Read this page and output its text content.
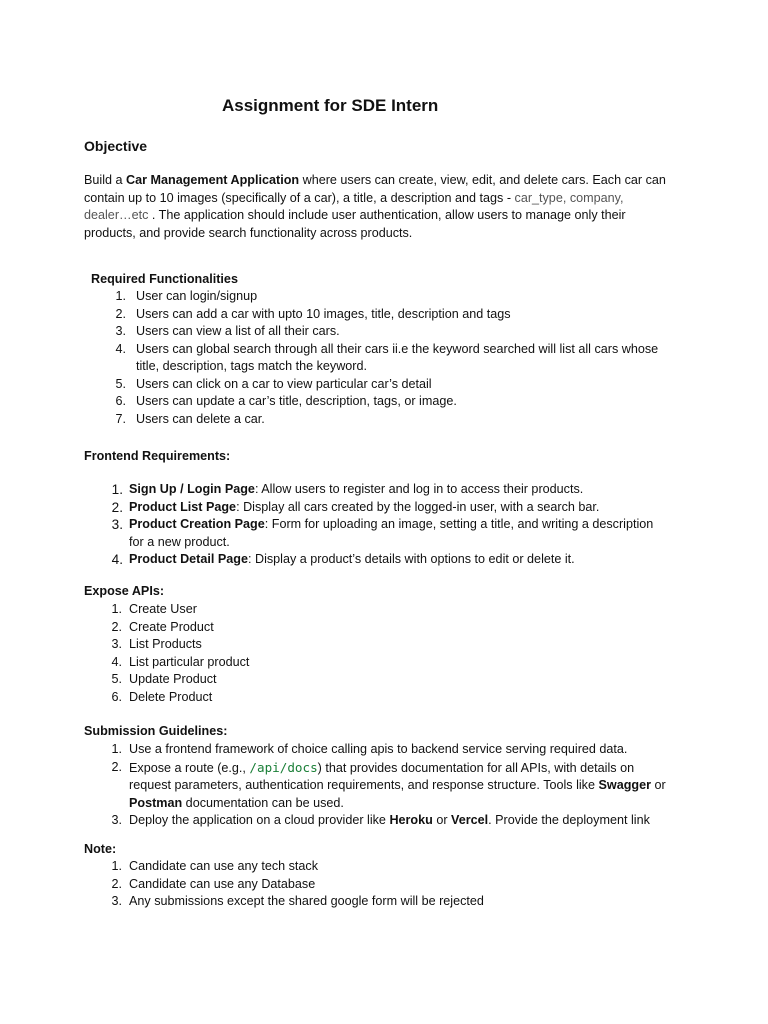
Assignment for SDE Intern
Objective

Build a Car Management Application where users can create, view, edit, and delete cars. Each car can contain up to 10 images (specifically of a car), a title, a description and tags - car_type, company, dealer…etc . The application should include user authentication, allow users to manage only their products, and provide search functionality across products.

Required Functionalities
1. User can login/signup
2. Users can add a car with upto 10 images, title, description and tags
3. Users can view a list of all their cars.
4. Users can global search through all their cars ii.e the keyword searched will list all cars whose title, description, tags match the keyword.
5. Users can click on a car to view particular car’s detail
6. Users can update a car’s title, description, tags, or image.
7. Users can delete a car.
Frontend Requirements:
1. Sign Up / Login Page: Allow users to register and log in to access their products.
2. Product List Page: Display all cars created by the logged-in user, with a search bar.
3. Product Creation Page: Form for uploading an image, setting a title, and writing a description for a new product.
4. Product Detail Page: Display a product’s details with options to edit or delete it.
Expose APIs:
1. Create User
2. Create Product
3. List Products
4. List particular product
5. Update Product
6. Delete Product
Submission Guidelines:
1. Use a frontend framework of choice calling apis to backend service serving required data.
2. Expose a route (e.g., /api/docs) that provides documentation for all APIs, with details on request parameters, authentication requirements, and response structure. Tools like Swagger or Postman documentation can be used.
3. Deploy the application on a cloud provider like Heroku or Vercel. Provide the deployment link
Note:
1. Candidate can use any tech stack
2. Candidate can use any Database
3. Any submissions except the shared google form will be rejected
